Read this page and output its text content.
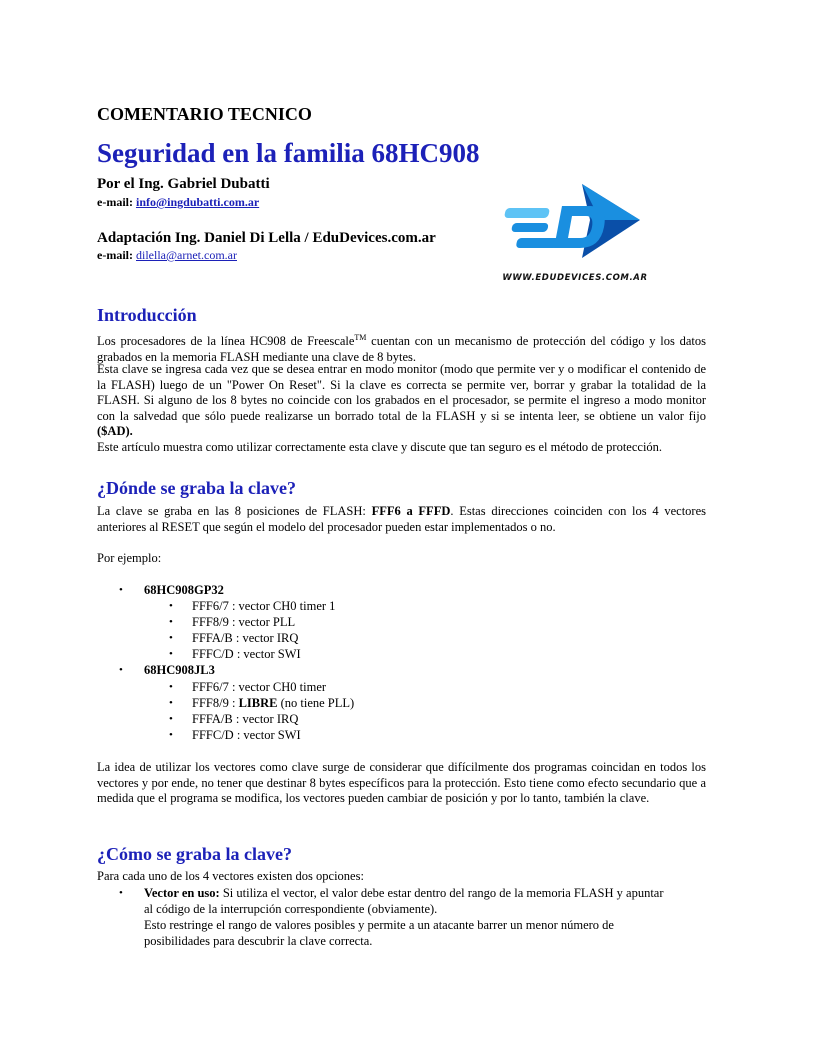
COMENTARIO TECNICO
Seguridad en la familia 68HC908
Por el Ing. Gabriel Dubatti
e-mail: info@ingdubatti.com.ar
Adaptación Ing. Daniel Di Lella / EduDevices.com.ar
e-mail: dilella@arnet.com.ar
WWW.EDUDEVICES.COM.AR
Introducción

Los procesadores de la línea HC908 de Freescale™ cuentan con un mecanismo de protección del código y los datos grabados en la memoria FLASH mediante una clave de 8 bytes.

Esta clave se ingresa cada vez que se desea entrar en modo monitor (modo que permite ver y o modificar el contenido de la FLASH) luego de un "Power On Reset". Si la clave es correcta se permite ver, borrar y grabar la totalidad de la FLASH. Si alguno de los 8 bytes no coincide con los grabados en el procesador, se permite el ingreso a modo monitor con la salvedad que sólo puede realizarse un borrado total de la FLASH y si se intenta leer, se obtiene un valor fijo ($AD).

Este artículo muestra como utilizar correctamente esta clave y discute que tan seguro es el método de protección.

¿Dónde se graba la clave?

La clave se graba en las 8 posiciones de FLASH: FFF6 a FFFD. Estas direcciones coinciden con los 4 vectores anteriores al RESET que según el modelo del procesador pueden estar implementados o no.

Por ejemplo:
• 68HC908GP32
• FFF6/7 : vector CH0 timer 1
• FFF8/9 : vector PLL
• FFFA/B : vector IRQ
• FFFC/D : vector SWI
• 68HC908JL3
• FFF6/7 : vector CH0 timer
• FFF8/9 : LIBRE (no tiene PLL)
• FFFA/B : vector IRQ
• FFFC/D : vector SWI

La idea de utilizar los vectores como clave surge de considerar que difícilmente dos programas coincidan en todos los vectores y por ende, no tener que destinar 8 bytes específicos para la protección. Esto tiene como efecto secundario que a medida que el programa se modifica, los vectores pueden cambiar de posición y por lo tanto, también la clave.

¿Cómo se graba la clave?
Para cada uno de los 4 vectores existen dos opciones:
• Vector en uso: Si utiliza el vector, el valor debe estar dentro del rango de la memoria FLASH y apuntar
al código de la interrupción correspondiente (obviamente).
Esto restringe el rango de valores posibles y permite a un atacante barrer un menor número de
posibilidades para descubrir la clave correcta.
